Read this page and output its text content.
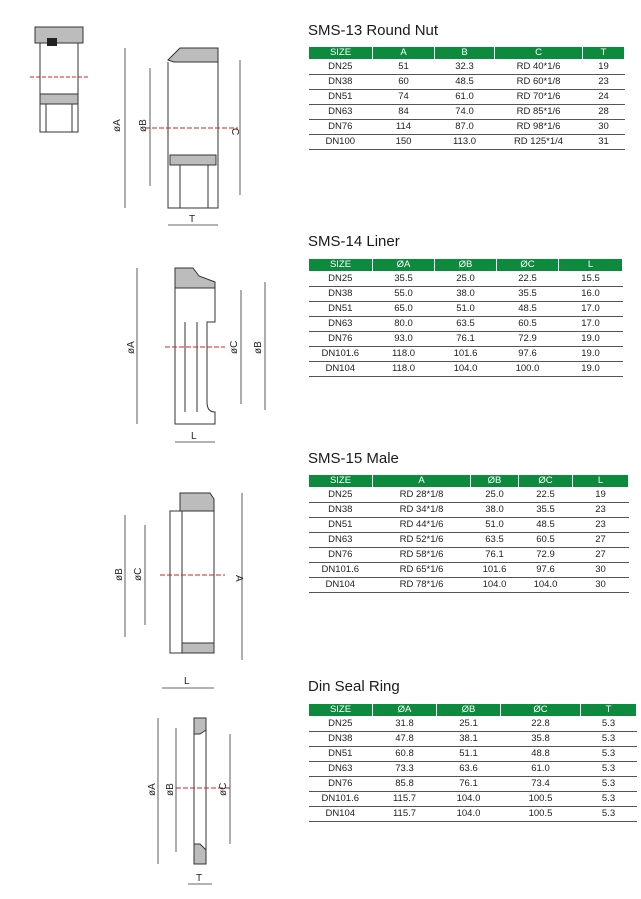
SMS-13 Round Nut
SIZE	A	B	C	T
DN25	51	32.3	RD 40*1/6	19
DN38	60	48.5	RD 60*1/8	23
DN51	74	61.0	RD 70*1/6	24
DN63	84	74.0	RD 85*1/6	28
DN76	114	87.0	RD 98*1/6	30
DN100	150	113.0	RD 125*1/4	31
øA øB	C
T
SMS-14 Liner
SIZE	ØA	ØB	ØC	L
DN25	35.5	25.0	22.5	15.5
DN38	55.0	38.0	35.5	16.0
DN51	65.0	51.0	48.5	17.0
DN63	80.0	63.5	60.5	17.0
DN76	93.0	76.1	72.9	19.0
DN101.6	118.0	101.6	97.6	19.0
DN104	118.0	104.0	100.0	19.0
øA	øC øB
L
SMS-15 Male
SIZE	A	ØB	ØC	L
DN25	RD 28*1/8	25.0	22.5	19
DN38	RD 34*1/8	38.0	35.5	23
DN51	RD 44*1/6	51.0	48.5	23
DN63	RD 52*1/6	63.5	60.5	27
DN76	RD 58*1/6	76.1	72.9	27
DN101.6	RD 65*1/6	101.6	97.6	30
DN104	RD 78*1/6	104.0	104.0	30
øB øC	A
L	Din Seal Ring
SIZE	ØA	ØB	ØC	T
DN25	31.8	25.1	22.8	5.3
DN38	47.8	38.1	35.8	5.3
DN51	60.8	51.1	48.8	5.3
DN63	73.3	63.6	61.0	5.3
DN76	85.8	76.1	73.4	5.3
DN101.6	115.7	104.0	100.5	5.3
DN104	115.7	104.0	100.5	5.3
øA øB	øC
T
